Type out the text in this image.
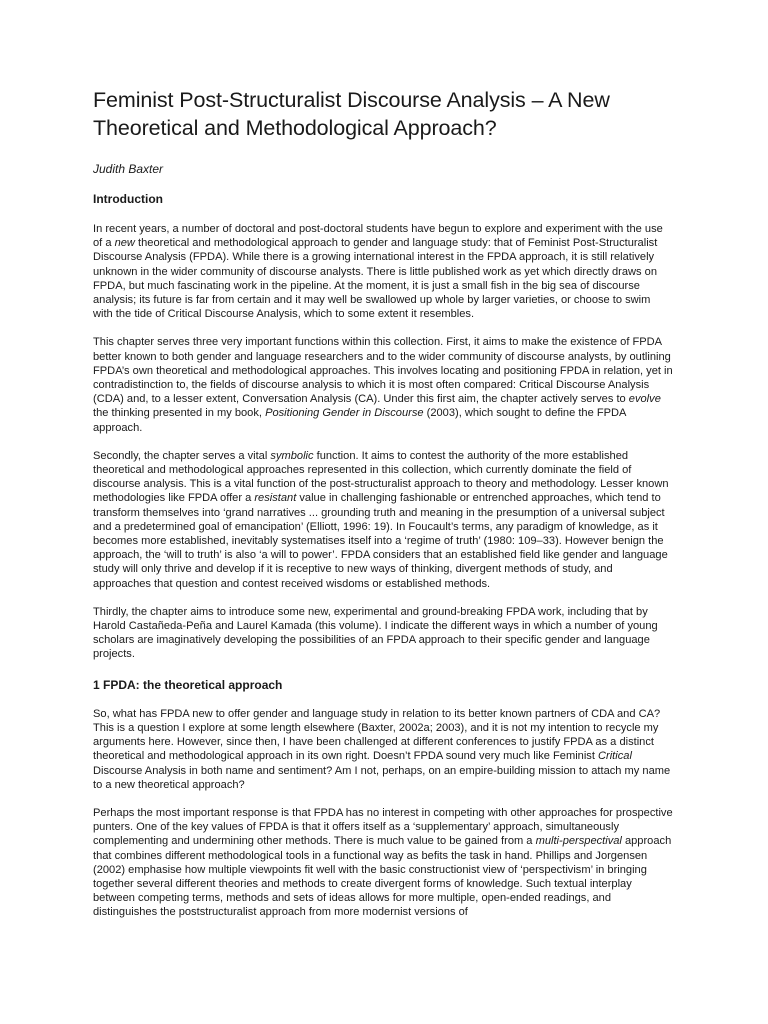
Feminist Post-Structuralist Discourse Analysis – A New
Theoretical and Methodological Approach?
Judith Baxter
Introduction

In recent years, a number of doctoral and post-doctoral students have begun to explore and experiment with the use of a new theoretical and methodological approach to gender and language study: that of Feminist Post-Structuralist Discourse Analysis (FPDA). While there is a growing international interest in the FPDA approach, it is still relatively unknown in the wider community of discourse analysts. There is little published work as yet which directly draws on FPDA, but much fascinating work in the pipeline. At the moment, it is just a small fish in the big sea of discourse analysis; its future is far from certain and it may well be swallowed up whole by larger varieties, or choose to swim with the tide of Critical Discourse Analysis, which to some extent it resembles.

This chapter serves three very important functions within this collection. First, it aims to make the existence of FPDA better known to both gender and language researchers and to the wider community of discourse analysts, by outlining FPDA’s own theoretical and methodological approaches. This involves locating and positioning FPDA in relation, yet in contradistinction to, the fields of discourse analysis to which it is most often compared: Critical Discourse Analysis (CDA) and, to a lesser extent, Conversation Analysis (CA). Under this first aim, the chapter actively serves to evolve the thinking presented in my book, Positioning Gender in Discourse (2003), which sought to define the FPDA approach.

Secondly, the chapter serves a vital symbolic function. It aims to contest the authority of the more established theoretical and methodological approaches represented in this collection, which currently dominate the field of discourse analysis. This is a vital function of the post-structuralist approach to theory and methodology. Lesser known methodologies like FPDA offer a resistant value in challenging fashionable or entrenched approaches, which tend to transform themselves into ‘grand narratives ... grounding truth and meaning in the presumption of a universal subject and a predetermined goal of emancipation’ (Elliott, 1996: 19). In Foucault’s terms, any paradigm of knowledge, as it becomes more established, inevitably systematises itself into a ‘regime of truth’ (1980: 109–33). However benign the approach, the ‘will to truth’ is also ‘a will to power’. FPDA considers that an established field like gender and language study will only thrive and develop if it is receptive to new ways of thinking, divergent methods of study, and approaches that question and contest received wisdoms or established methods.

Thirdly, the chapter aims to introduce some new, experimental and ground-breaking FPDA work, including that by Harold Castañeda-Peña and Laurel Kamada (this volume). I indicate the different ways in which a number of young scholars are imaginatively developing the possibilities of an FPDA approach to their specific gender and language projects.

1 FPDA: the theoretical approach

So, what has FPDA new to offer gender and language study in relation to its better known partners of CDA and CA? This is a question I explore at some length elsewhere (Baxter, 2002a; 2003), and it is not my intention to recycle my arguments here. However, since then, I have been challenged at different conferences to justify FPDA as a distinct theoretical and methodological approach in its own right. Doesn’t FPDA sound very much like Feminist Critical Discourse Analysis in both name and sentiment? Am I not, perhaps, on an empire-building mission to attach my name to a new theoretical approach?

Perhaps the most important response is that FPDA has no interest in competing with other approaches for prospective punters. One of the key values of FPDA is that it offers itself as a ‘supplementary’ approach, simultaneously complementing and undermining other methods. There is much value to be gained from a multi-perspectival approach that combines different methodological tools in a functional way as befits the task in hand. Phillips and Jorgensen (2002) emphasise how multiple viewpoints fit well with the basic constructionist view of ‘perspectivism’ in bringing together several different theories and methods to create divergent forms of knowledge. Such textual interplay between competing terms, methods and sets of ideas allows for more multiple, open-ended readings, and distinguishes the poststructuralist approach from more modernist versions of
